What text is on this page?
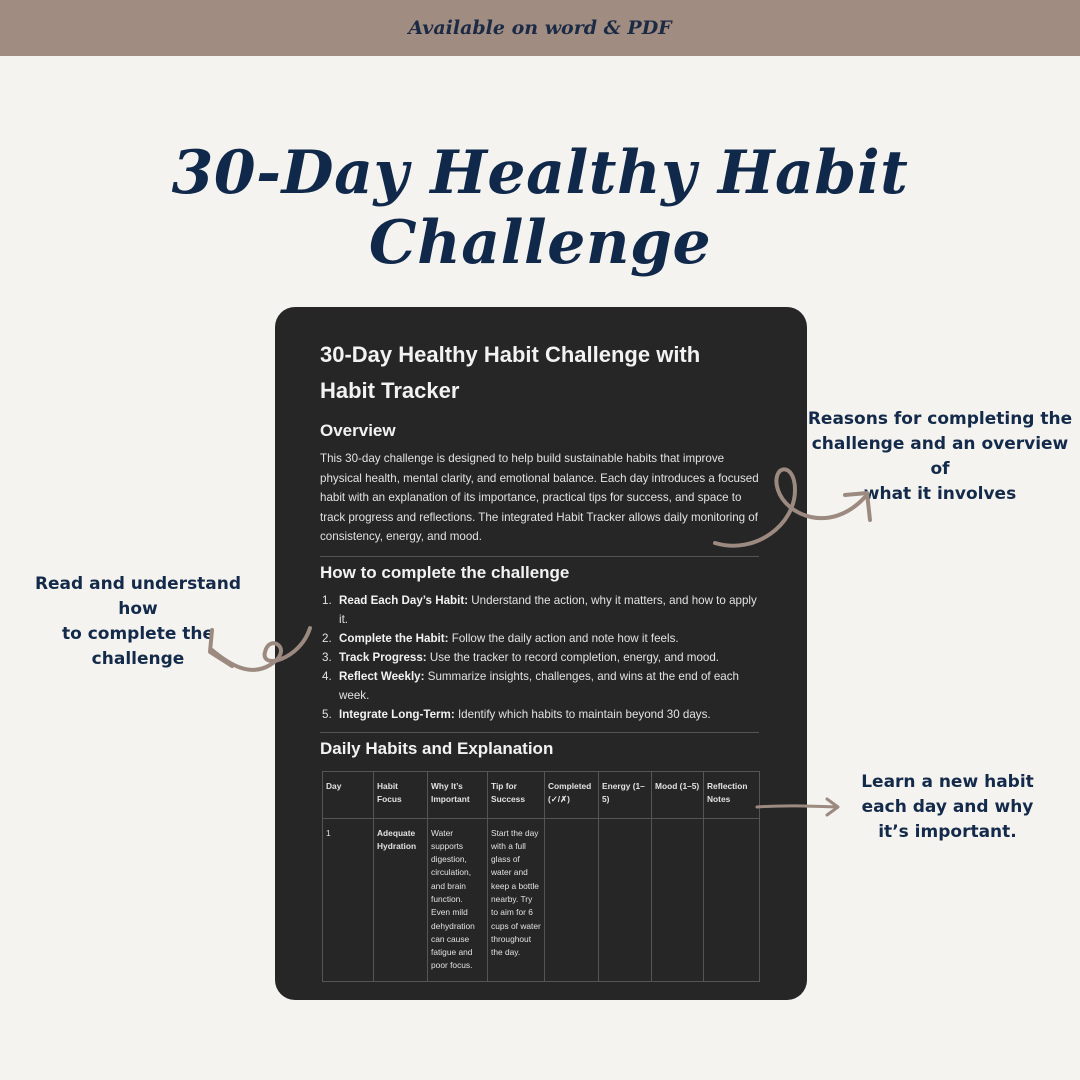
Available on word & PDF
30-Day Healthy Habit Challenge
30-Day Healthy Habit Challenge with
Habit Tracker
Overview

This 30-day challenge is designed to help build sustainable habits that improve physical health, mental clarity, and emotional balance. Each day introduces a focused habit with an explanation of its importance, practical tips for success, and space to track progress and reflections. The integrated Habit Tracker allows daily monitoring of consistency, energy, and mood.

How to complete the challenge
1. Read Each Day’s Habit: Understand the action, why it matters, and how to apply it.
2. Complete the Habit: Follow the daily action and note how it feels.
3. Track Progress: Use the tracker to record completion, energy, and mood.
4. Reflect Weekly: Summarize insights, challenges, and wins at the end of each week.
5. Integrate Long-Term: Identify which habits to maintain beyond 30 days.
Daily Habits and Explanation
Day	Habit Focus	Why It’s Important	Tip for Success	Completed (✓/✗)	Energy (1–5)	Mood (1–5)	Reflection Notes
1	Adequate Hydration	Water supports digestion, circulation, and brain function. Even mild dehydration can cause fatigue and poor focus.	Start the day with a full glass of water and keep a bottle nearby. Try to aim for 6 cups of water throughout the day.				
Reasons for completing the
challenge and an overview of
what it involves
Read and understand how
to complete the challenge
Learn a new habit
each day and why
it’s important.
